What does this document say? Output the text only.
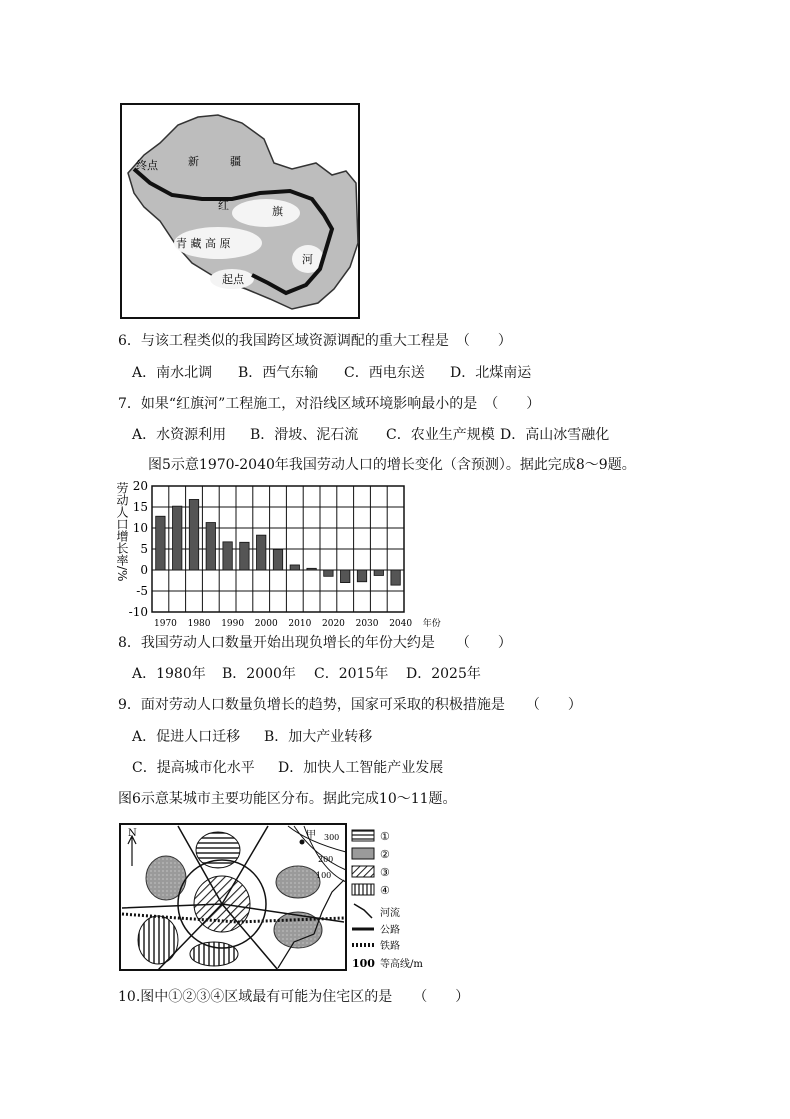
终点	新	疆
红	旗
河
青 藏 高 原
起点
6．与该工程类似的我国跨区域资源调配的重大工程是　（　　）
A．南水北调 B．西气东输 C．西电东送 D．北煤南运
7．如果“红旗河”工程施工，对沿线区域环境影响最小的是　（　　）
A．水资源利用 B．滑坡、泥石流 C．农业生产规模 D．高山冰雪融化
图5示意1970-2040年我国劳动人口的增长变化（含预测）。据此完成8～9题。
劳动人口增长率/% 20
15
10
5
0
-5
-10
1970 1980 1990 2000 2010 2020 2030 2040 年份
8．我国劳动人口数量开始出现负增长的年份大约是　　（　　）
A．1980年 B．2000年 C．2015年 D．2025年
9．面对劳动人口数量负增长的趋势，国家可采取的积极措施是　　（　　）
A．促进人口迁移 B．加大产业转移
C．提高城市化水平 D．加快人工智能产业发展
图6示意某城市主要功能区分布。据此完成10～11题。
300
200
100
甲
N	①
②
③
④
河流
公路
铁路
100 等高线/m
10.图中①②③④区域最有可能为住宅区的是　　（　　）
